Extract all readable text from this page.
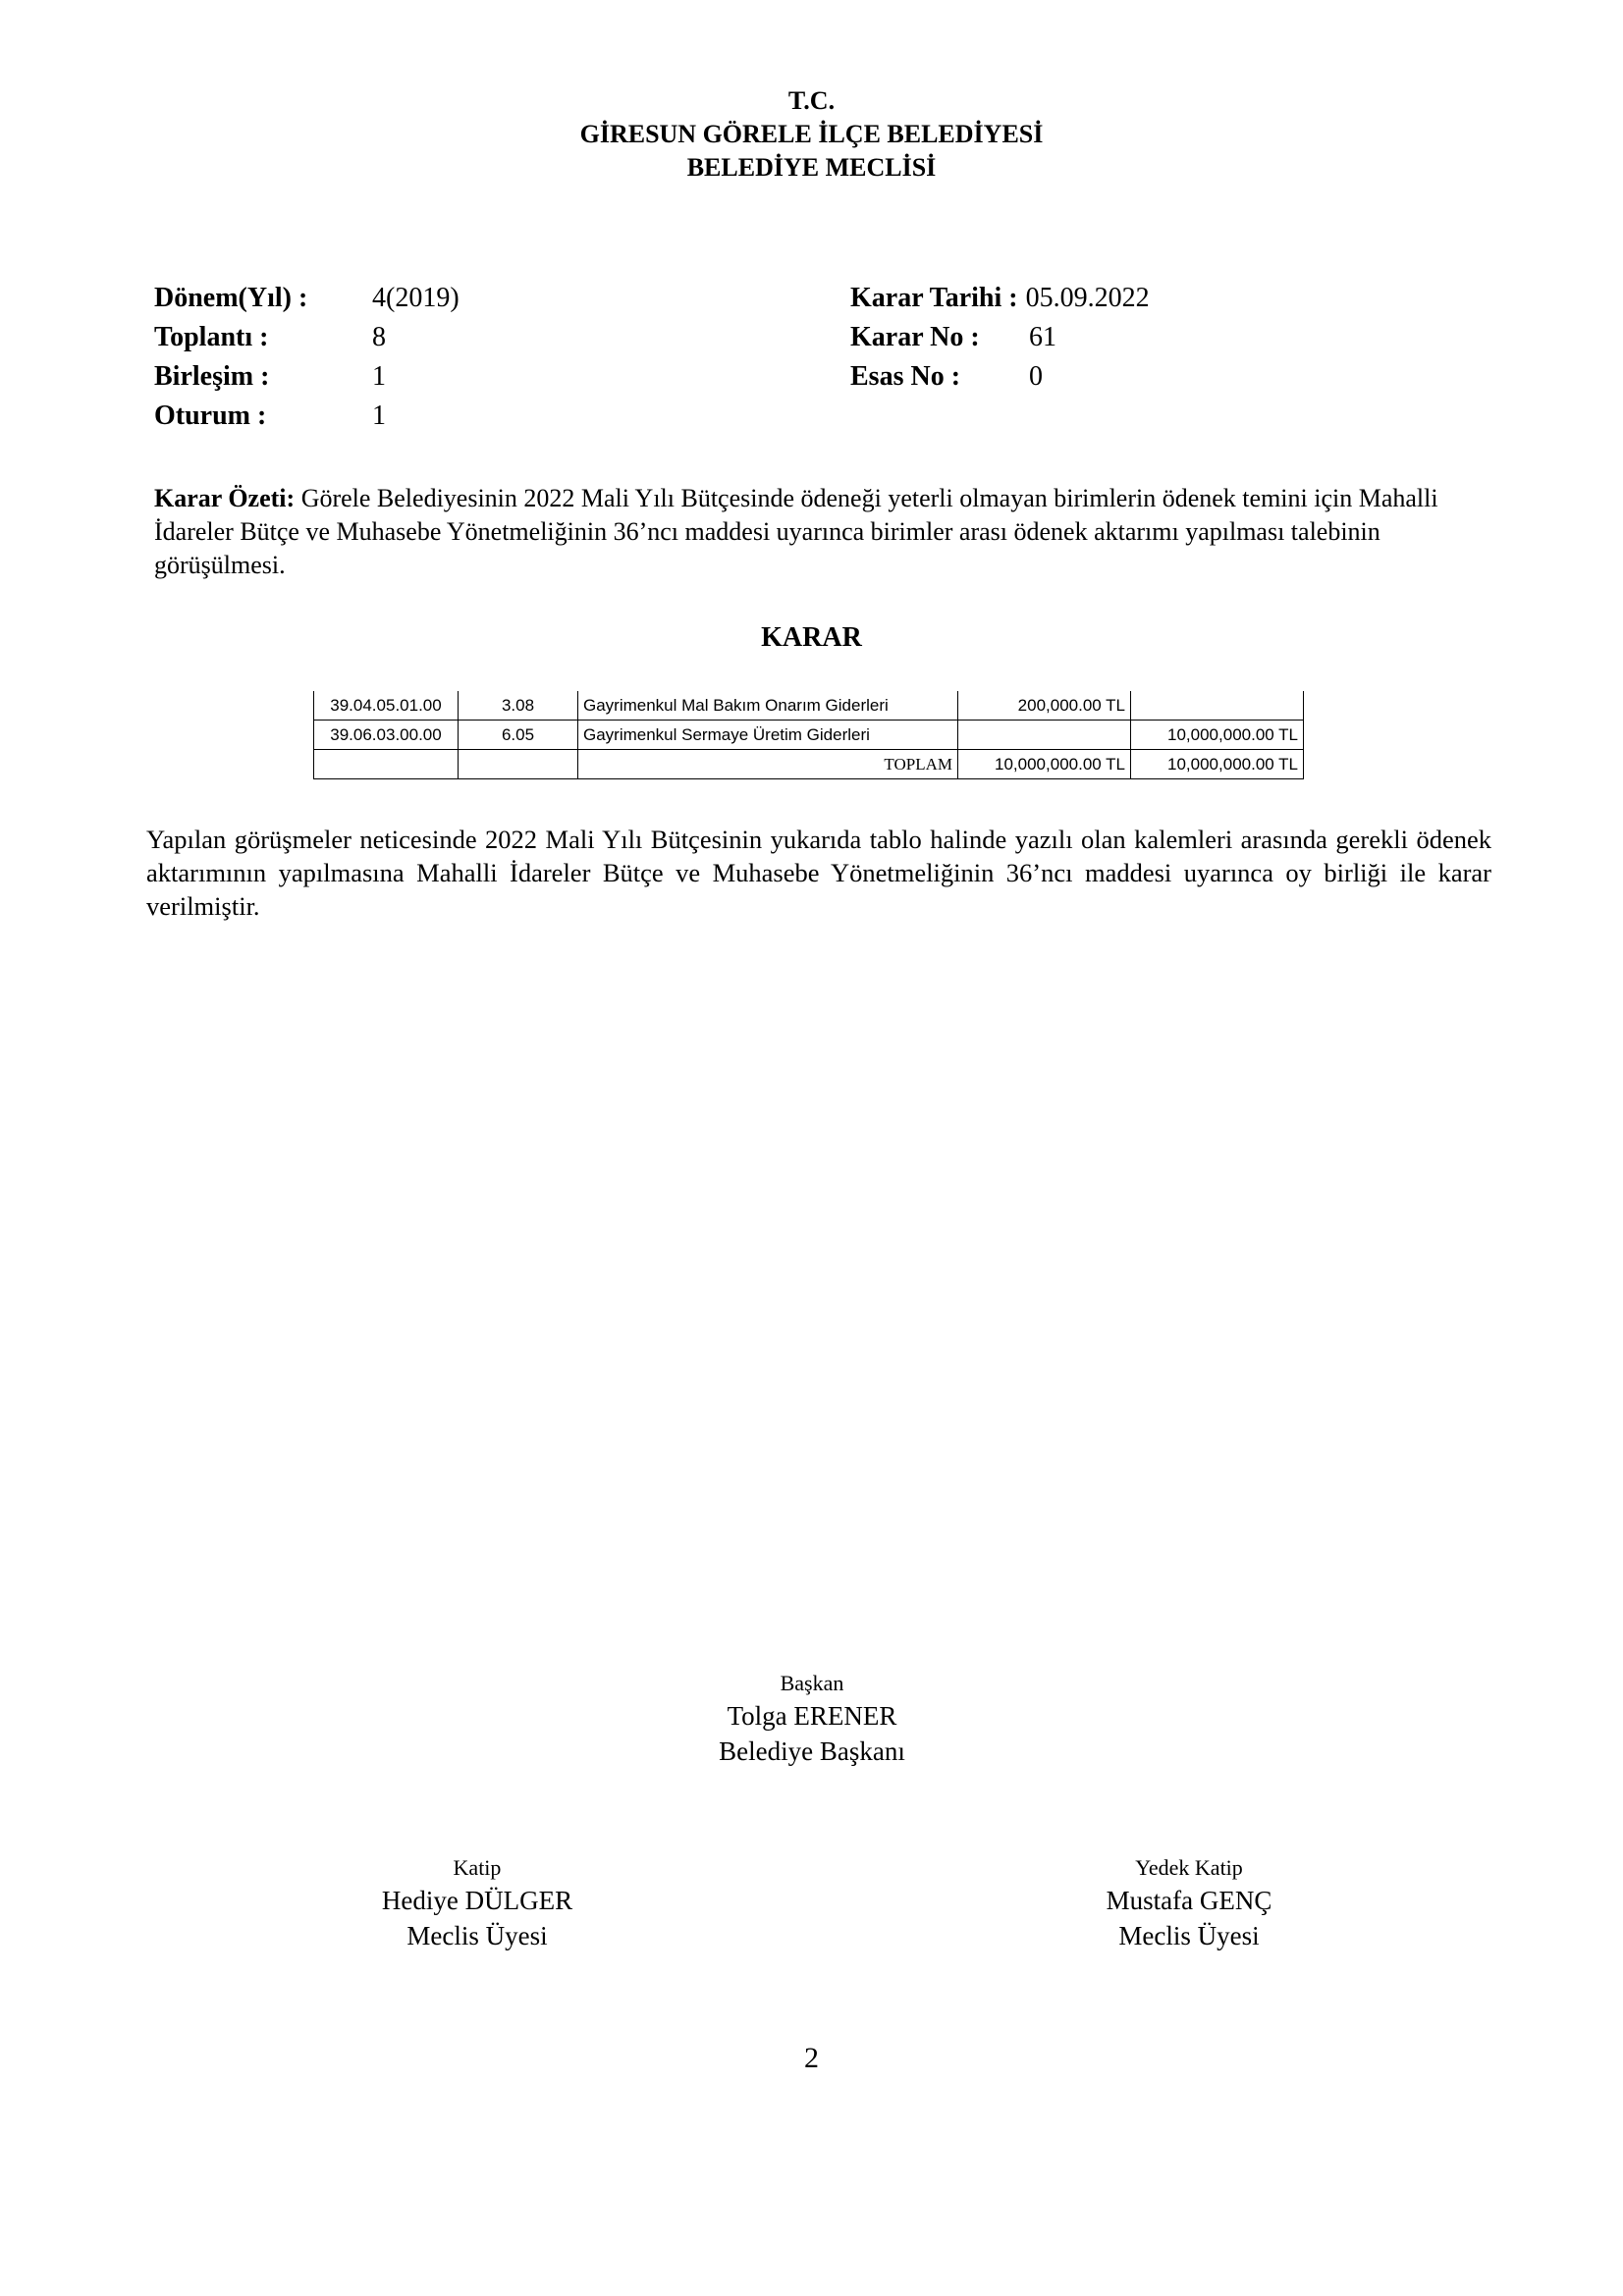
T.C.
GİRESUN GÖRELE İLÇE BELEDİYESİ
BELEDİYE MECLİSİ
Dönem(Yıl) :	4(2019)
Toplantı :	8
Birleşim :	1
Oturum :	1
Karar Tarihi : 05.09.2022
Karar No :	61
Esas No :	0
Karar Özeti: Görele Belediyesinin 2022 Mali Yılı Bütçesinde ödeneği yeterli olmayan birimlerin ödenek temini için Mahalli İdareler Bütçe ve Muhasebe Yönetmeliğinin 36’ncı maddesi uyarınca birimler arası ödenek aktarımı yapılması talebinin görüşülmesi.
KARAR
39.04.05.01.00	3.08	Gayrimenkul Mal Bakım Onarım Giderleri	200,000.00 TL	
39.06.03.00.00	6.05	Gayrimenkul Sermaye Üretim Giderleri		10,000,000.00 TL
		TOPLAM	10,000,000.00 TL	10,000,000.00 TL
Yapılan görüşmeler neticesinde 2022 Mali Yılı Bütçesinin yukarıda tablo halinde yazılı olan kalemleri arasında gerekli ödenek aktarımının yapılmasına Mahalli İdareler Bütçe ve Muhasebe Yönetmeliğinin 36’ncı maddesi uyarınca oy birliği ile karar verilmiştir.
Başkan
Tolga ERENER
Belediye Başkanı
Katip
Hediye DÜLGER
Meclis Üyesi
Yedek Katip
Mustafa GENÇ
Meclis Üyesi
2
